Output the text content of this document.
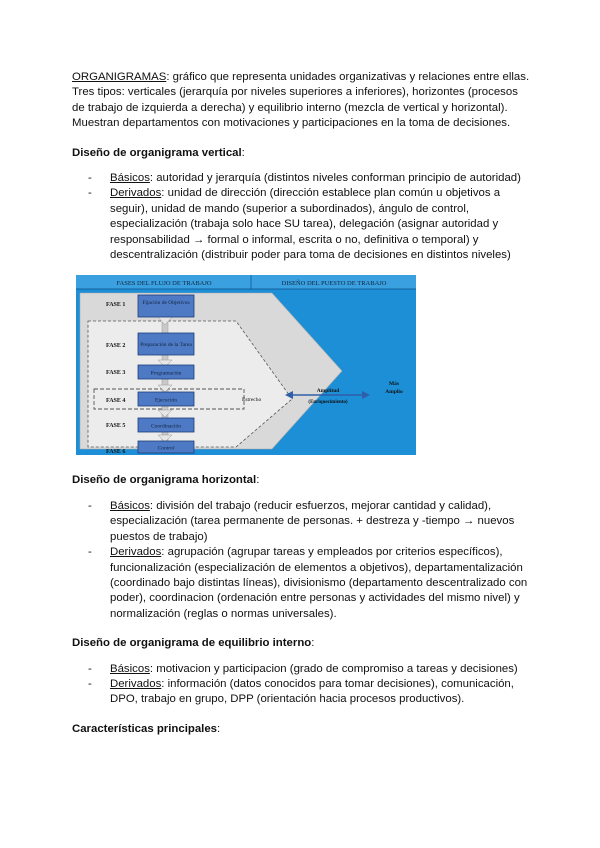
ORGANIGRAMAS: gráfico que representa unidades organizativas y relaciones entre ellas. Tres tipos: verticales (jerarquía por niveles superiores a inferiores), horizontes (procesos de trabajo de izquierda a derecha) y equilibrio interno (mezcla de vertical y horizontal). Muestran departamentos con motivaciones y participaciones en la toma de decisiones.

Diseño de organigrama vertical:

- Básicos: autoridad y jerarquía (distintos niveles conforman principio de autoridad)
- Derivados: unidad de dirección (dirección establece plan común u objetivos a seguir), unidad de mando (superior a subordinados), ángulo de control, especialización (trabaja solo hace SU tarea), delegación (asignar autoridad y responsabilidad → formal o informal, escrita o no, definitiva o temporal) y descentralización (distribuir poder para toma de decisiones en distintos niveles)
FASES DEL FLUJO DE TRABAJO	DISEÑO DEL PUESTO DE TRABAJO
FASE 1
FASE 2
FASE 3
FASE 4
FASE 5
FASE 6
Fijación de Objetivos
Preparación de la Tarea
Programación
Ejecución
Coordinación
Control
Estrecho
Amplitud
(Enriquecimiento)
Más
Amplio

Diseño de organigrama horizontal:

- Básicos: división del trabajo (reducir esfuerzos, mejorar cantidad y calidad), especialización (tarea permanente de personas. + destreza y -tiempo → nuevos puestos de trabajo)
- Derivados: agrupación (agrupar tareas y empleados por criterios específicos), funcionalización (especialización de elementos a objetivos), departamentalización (coordinado bajo distintas líneas), divisionismo (departamento descentralizado con poder), coordinacion (ordenación entre personas y actividades del mismo nivel) y normalización (reglas o normas universales).

Diseño de organigrama de equilibrio interno:

- Básicos: motivacion y participacion (grado de compromiso a tareas y decisiones)
- Derivados: información (datos conocidos para tomar decisiones), comunicación, DPO, trabajo en grupo, DPP (orientación hacia procesos productivos).

Características principales:
